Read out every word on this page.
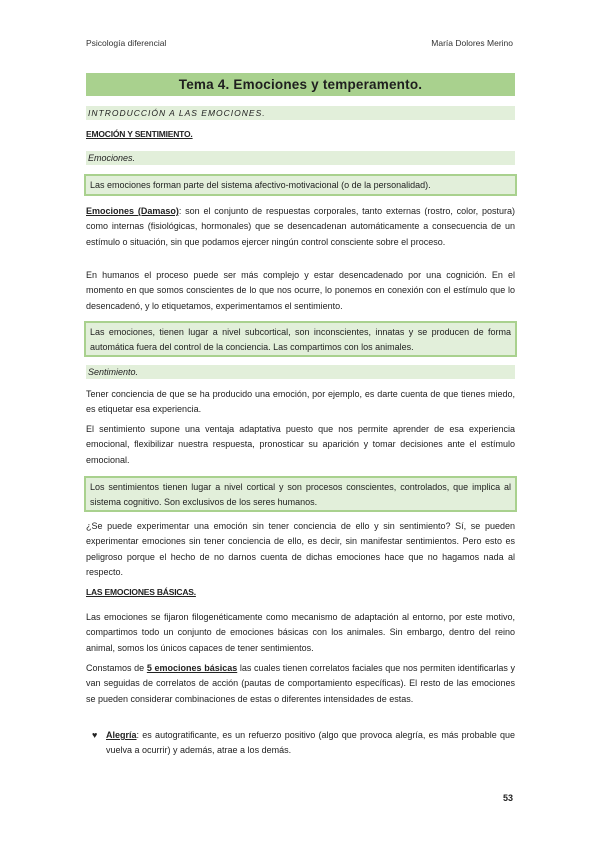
Psicología diferencial	María Dolores Merino
Tema 4. Emociones y temperamento.
INTRODUCCIÓN A LAS EMOCIONES.
EMOCIÓN Y SENTIMIENTO.
Emociones.
Las emociones forman parte del sistema afectivo-motivacional (o de la personalidad).
Emociones (Damaso): son el conjunto de respuestas corporales, tanto externas (rostro, color, postura) como internas (fisiológicas, hormonales) que se desencadenan automáticamente a consecuencia de un estímulo o situación, sin que podamos ejercer ningún control consciente sobre el proceso.
En humanos el proceso puede ser más complejo y estar desencadenado por una cognición. En el momento en que somos conscientes de lo que nos ocurre, lo ponemos en conexión con el estímulo que lo desencadenó, y lo etiquetamos, experimentamos el sentimiento.
Las emociones, tienen lugar a nivel subcortical, son inconscientes, innatas y se producen de forma automática fuera del control de la conciencia. Las compartimos con los animales.
Sentimiento.
Tener conciencia de que se ha producido una emoción, por ejemplo, es darte cuenta de que tienes miedo, es etiquetar esa experiencia.
El sentimiento supone una ventaja adaptativa puesto que nos permite aprender de esa experiencia emocional, flexibilizar nuestra respuesta, pronosticar su aparición y tomar decisiones ante el estímulo emocional.
Los sentimientos tienen lugar a nivel cortical y son procesos conscientes, controlados, que implica al sistema cognitivo. Son exclusivos de los seres humanos.
¿Se puede experimentar una emoción sin tener conciencia de ello y sin sentimiento? Sí, se pueden experimentar emociones sin tener conciencia de ello, es decir, sin manifestar sentimientos. Pero esto es peligroso porque el hecho de no darnos cuenta de dichas emociones hace que no hagamos nada al respecto.
LAS EMOCIONES BÁSICAS.
Las emociones se fijaron filogenéticamente como mecanismo de adaptación al entorno, por este motivo, compartimos todo un conjunto de emociones básicas con los animales. Sin embargo, dentro del reino animal, somos los únicos capaces de tener sentimientos.
Constamos de 5 emociones básicas las cuales tienen correlatos faciales que nos permiten identificarlas y van seguidas de correlatos de acción (pautas de comportamiento específicas). El resto de las emociones se pueden considerar combinaciones de estas o diferentes intensidades de estas.
♥ Alegría: es autogratificante, es un refuerzo positivo (algo que provoca alegría, es más probable que vuelva a ocurrir) y además, atrae a los demás.
53
